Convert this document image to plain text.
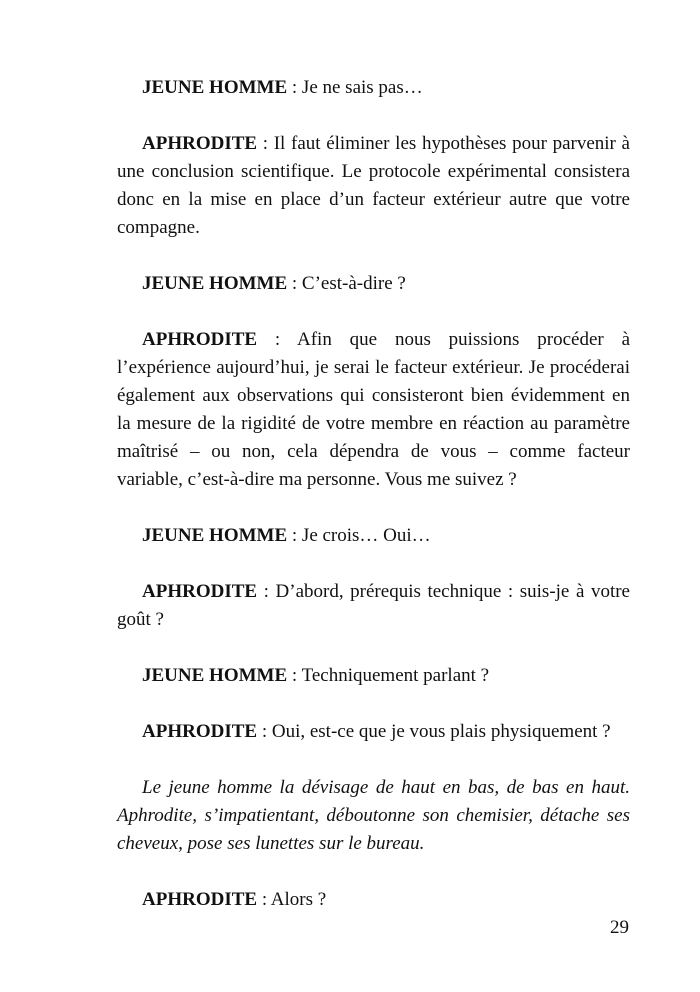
JEUNE HOMME : Je ne sais pas…

APHRODITE : Il faut éliminer les hypothèses pour parvenir à une conclusion scientifique. Le protocole expérimental consistera donc en la mise en place d’un facteur extérieur autre que votre compagne.

JEUNE HOMME : C’est-à-dire ?

APHRODITE : Afin que nous puissions procéder à l’expérience aujourd’hui, je serai le facteur extérieur. Je procéderai également aux observations qui consisteront bien évidemment en la mesure de la rigidité de votre membre en réaction au paramètre maîtrisé – ou non, cela dépendra de vous – comme facteur variable, c’est-à-dire ma personne. Vous me suivez ?

JEUNE HOMME : Je crois… Oui…

APHRODITE : D’abord, prérequis technique : suis-je à votre goût ?

JEUNE HOMME : Techniquement parlant ?

APHRODITE : Oui, est-ce que je vous plais physiquement ?

Le jeune homme la dévisage de haut en bas, de bas en haut. Aphrodite, s’impatientant, déboutonne son chemisier, détache ses cheveux, pose ses lunettes sur le bureau.

APHRODITE : Alors ?

29
